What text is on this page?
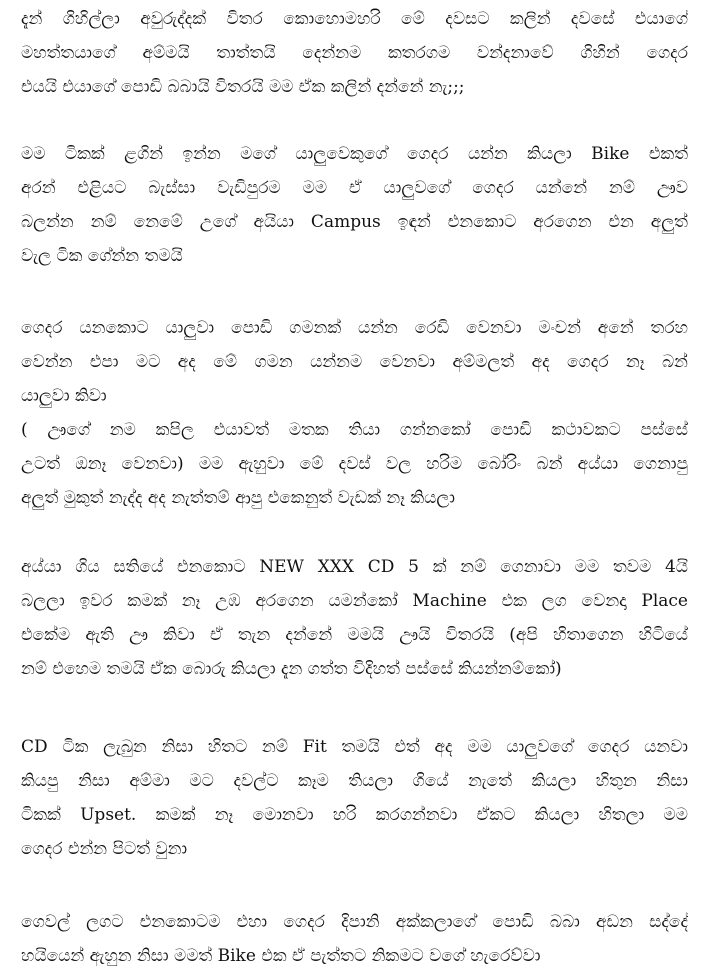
දැන් ගිහිල්ලා අවුරුද්දක් විතර කොහොමහරි මේ දවසට කලින් දවසේ එයාගේ
මහත්තයාගේ අම්මයි තාත්තයි දෙන්නම කතරගම වන්දනාවේ ගිහින් ගෙදර
එයයි එයාගේ පොඩි බබායි විතරයි මම ඒක කලින් දන්නේ නැ;;;
මම ටිකක් ළගින් ඉන්න මගේ යාලුවෙකුගේ ගෙදර යන්න කියලා Bike එකත්
අරන් එළියට බැස්සා වැඩිපුරම මම ඒ යාලුවගේ ගෙදර යන්නේ නම් ඌව
බලන්න නම් නෙමේ උගේ අයියා Campus ඉඳන් එනකොට අරගෙන එන අලුත්
වැල ටික ගේන්න තමයි
ගෙදර යනකොට යාලුවා පොඩි ගමනක් යන්න රෙඩි වෙනවා මංචන් අනේ තරහ
වෙන්න එපා මට අද මේ ගමන යන්නම වෙනවා අම්මලත් අද ගෙදර නෑ බන්
යාලුවා කිවා
( ඌගේ නම කපිල එයාවත් මතක තියා ගන්නකෝ පොඩි කථාවකට පස්සේ
උටත් ඔනෑ වෙනවා) මම ඇහුවා මේ දවස් වල හරිම බෝරිං බන් අය්යා ගෙනාපු
අලුත් මුකුත් නැද්ද අද නැත්තම් ආපු එකෙනුත් වැඩක් නෑ කියලා
අය්යා ගිය සතියේ එනකොට NEW XXX CD 5 ක් නම් ගෙනාවා මම තවම 4යි
බලලා ඉවර කමක් නෑ උඹ අරගෙන යමන්කෝ Machine එක ලග වෙනදා Place
එකේම ඇති ඌ කිවා ඒ තැන දන්නේ මමයි ඌයි විතරයි (අපි හිතාගෙන හිටියේ
නම් එහෙම තමයි ඒක බොරු කියලා දැන ගත්ත විදිහත් පස්සේ කියන්නම්කෝ)
CD ටික ලැබුන නිසා හිතට නම් Fit තමයි එත් අද මම යාලුවගේ ගෙදර යනවා
කියපු නිසා අම්මා මට දවල්ට කෑම තියලා ගියේ නැතේ කියලා හිතුන නිසා
ටිකක් Upset. කමක් නෑ මොනවා හරි කරගන්නවා ඒකට කියලා හිතලා මම
ගෙදර එන්න පිටත් වුනා
ගෙවල් ලගට එනකොටම එහා ගෙදර දිපානි අක්කලාගේ පොඩි බබා අඩන සද්දේ
හයියෙන් ඇහුන නිසා මමත් Bike එක ඒ පැත්තට නිකමට වගේ හැරෙව්වා
